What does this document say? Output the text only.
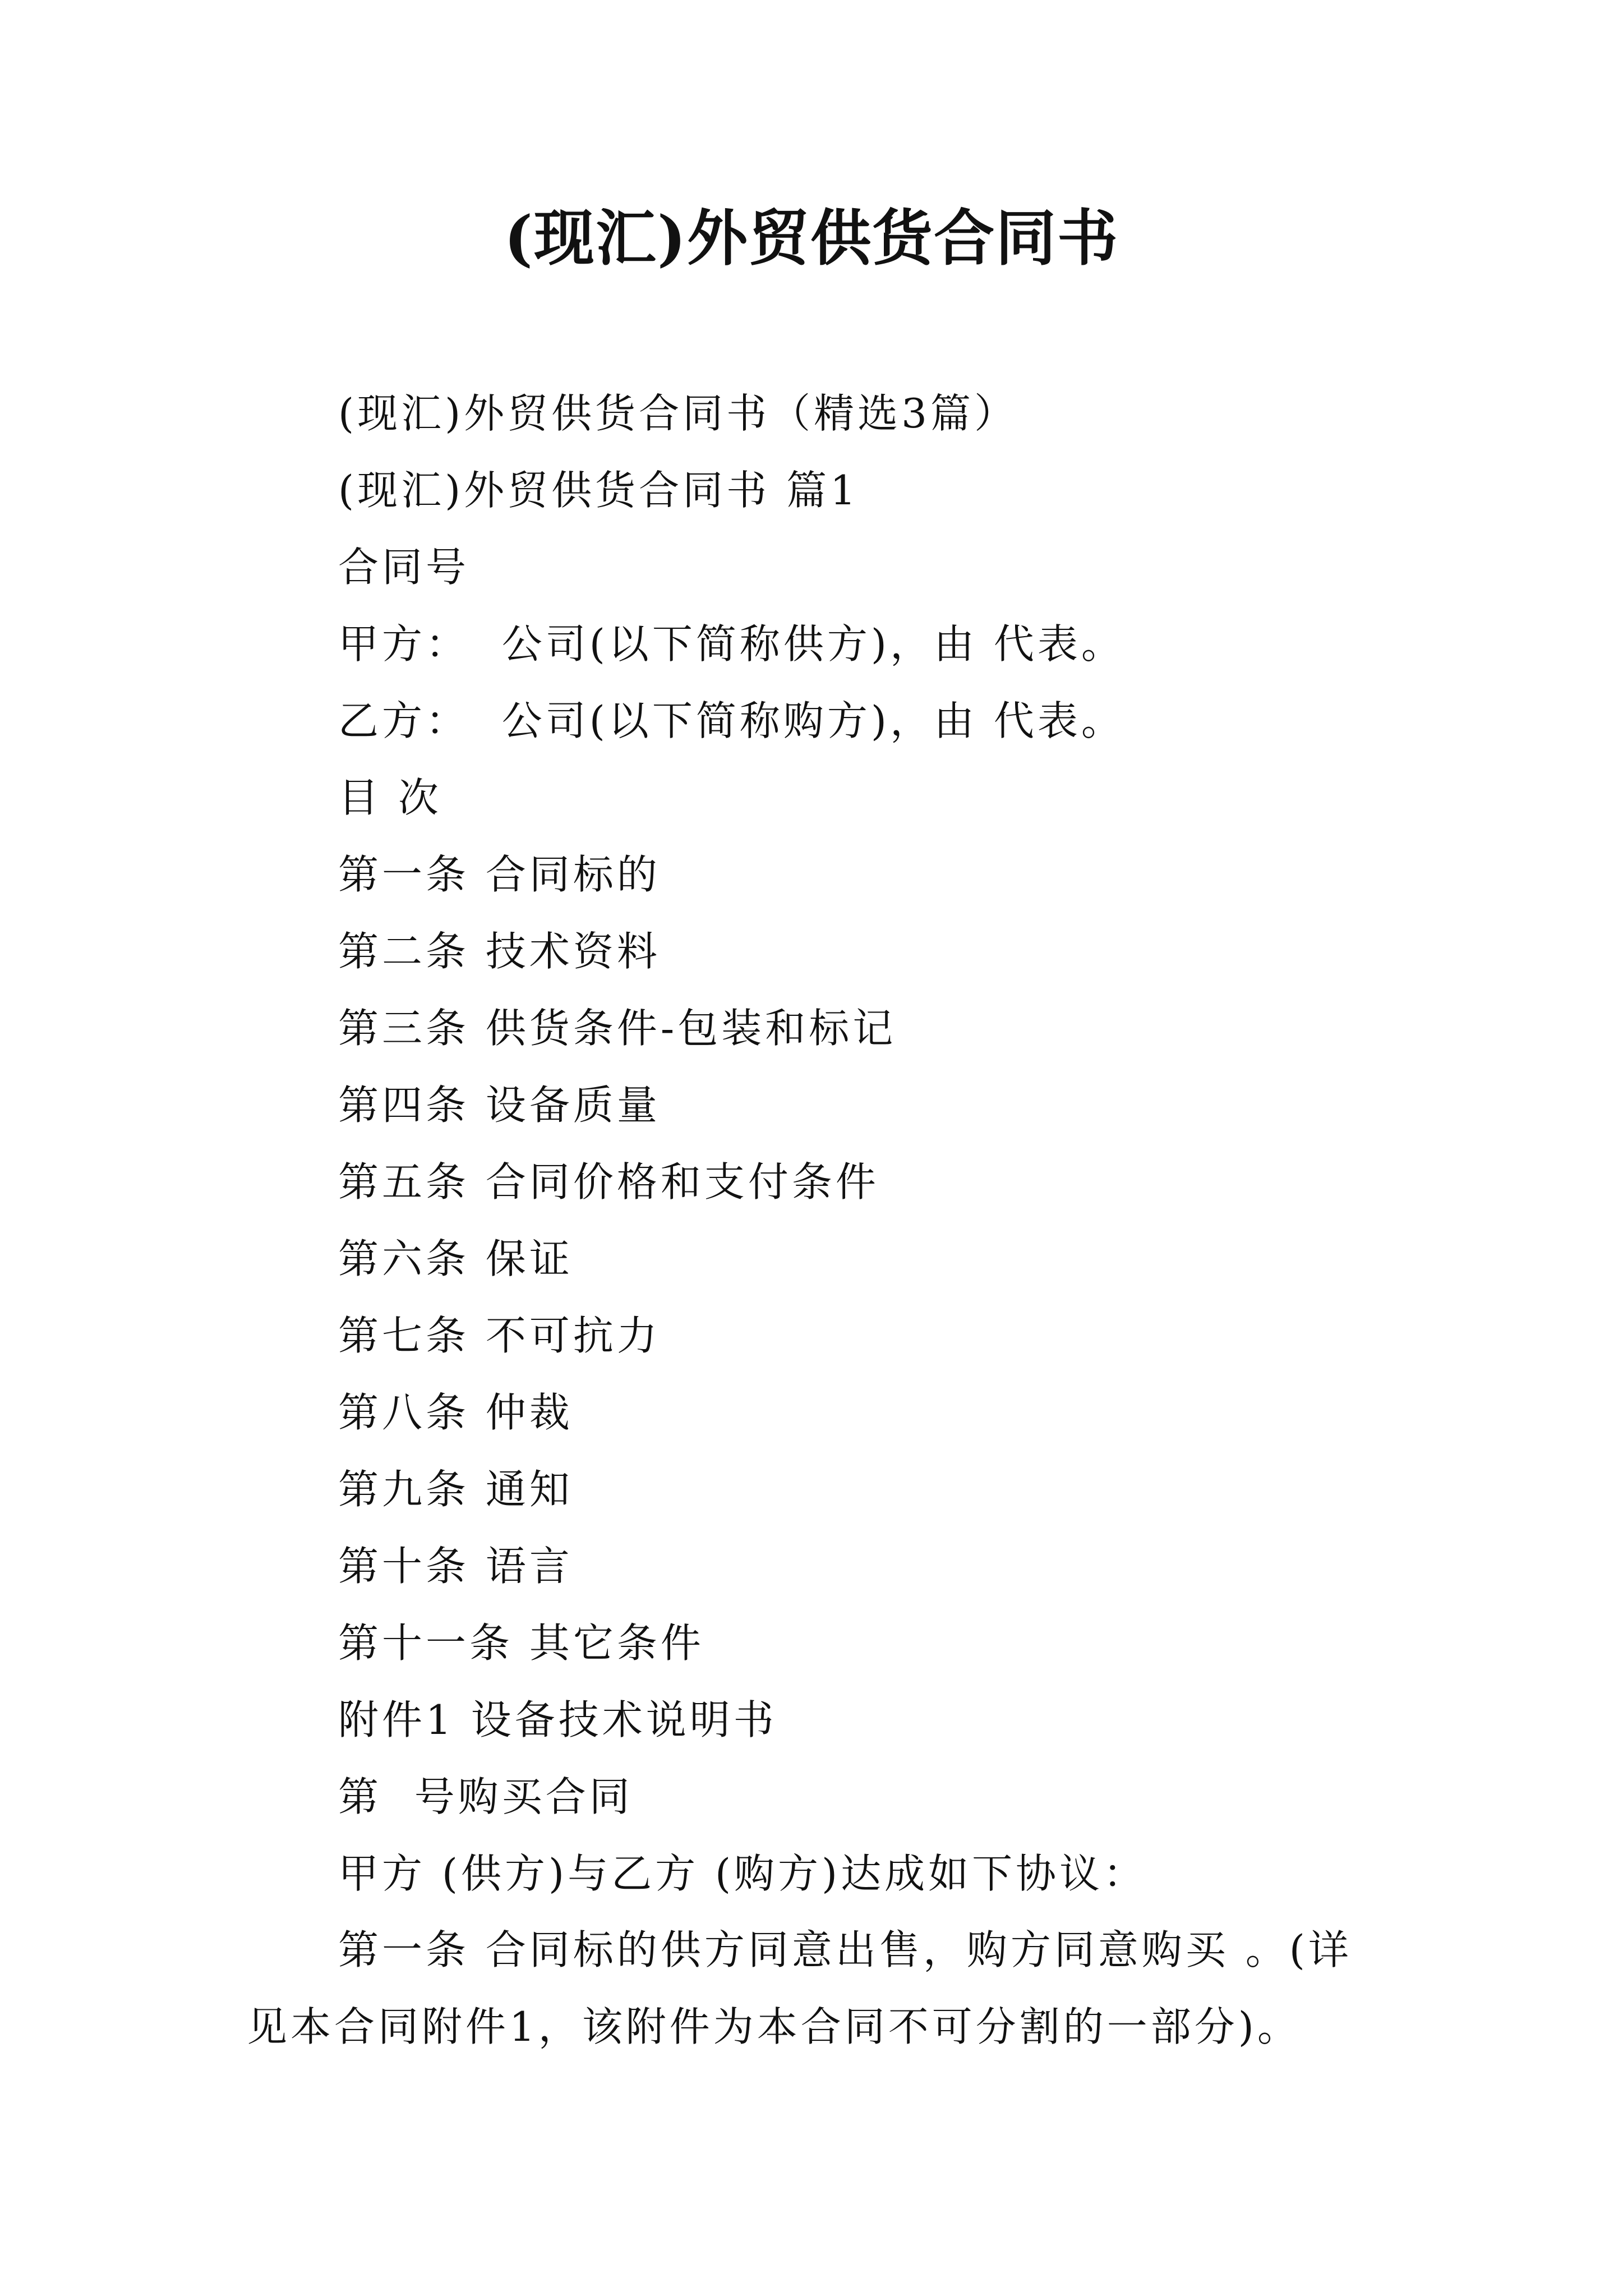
(现汇)外贸供货合同书
(现汇)外贸供货合同书（精选3篇）
(现汇)外贸供货合同书 篇1
合同号
甲方：  公司(以下简称供方)，由 代表。
乙方：  公司(以下简称购方)，由 代表。
目 次
第一条 合同标的
第二条 技术资料
第三条 供货条件-包装和标记
第四条 设备质量
第五条 合同价格和支付条件
第六条 保证
第七条 不可抗力
第八条 仲裁
第九条 通知
第十条 语言
第十一条 其它条件
附件1 设备技术说明书
第  号购买合同
甲方 (供方)与乙方 (购方)达成如下协议：
第一条 合同标的供方同意出售，购方同意购买 。(详见本合同附件1，该附件为本合同不可分割的一部分)。
